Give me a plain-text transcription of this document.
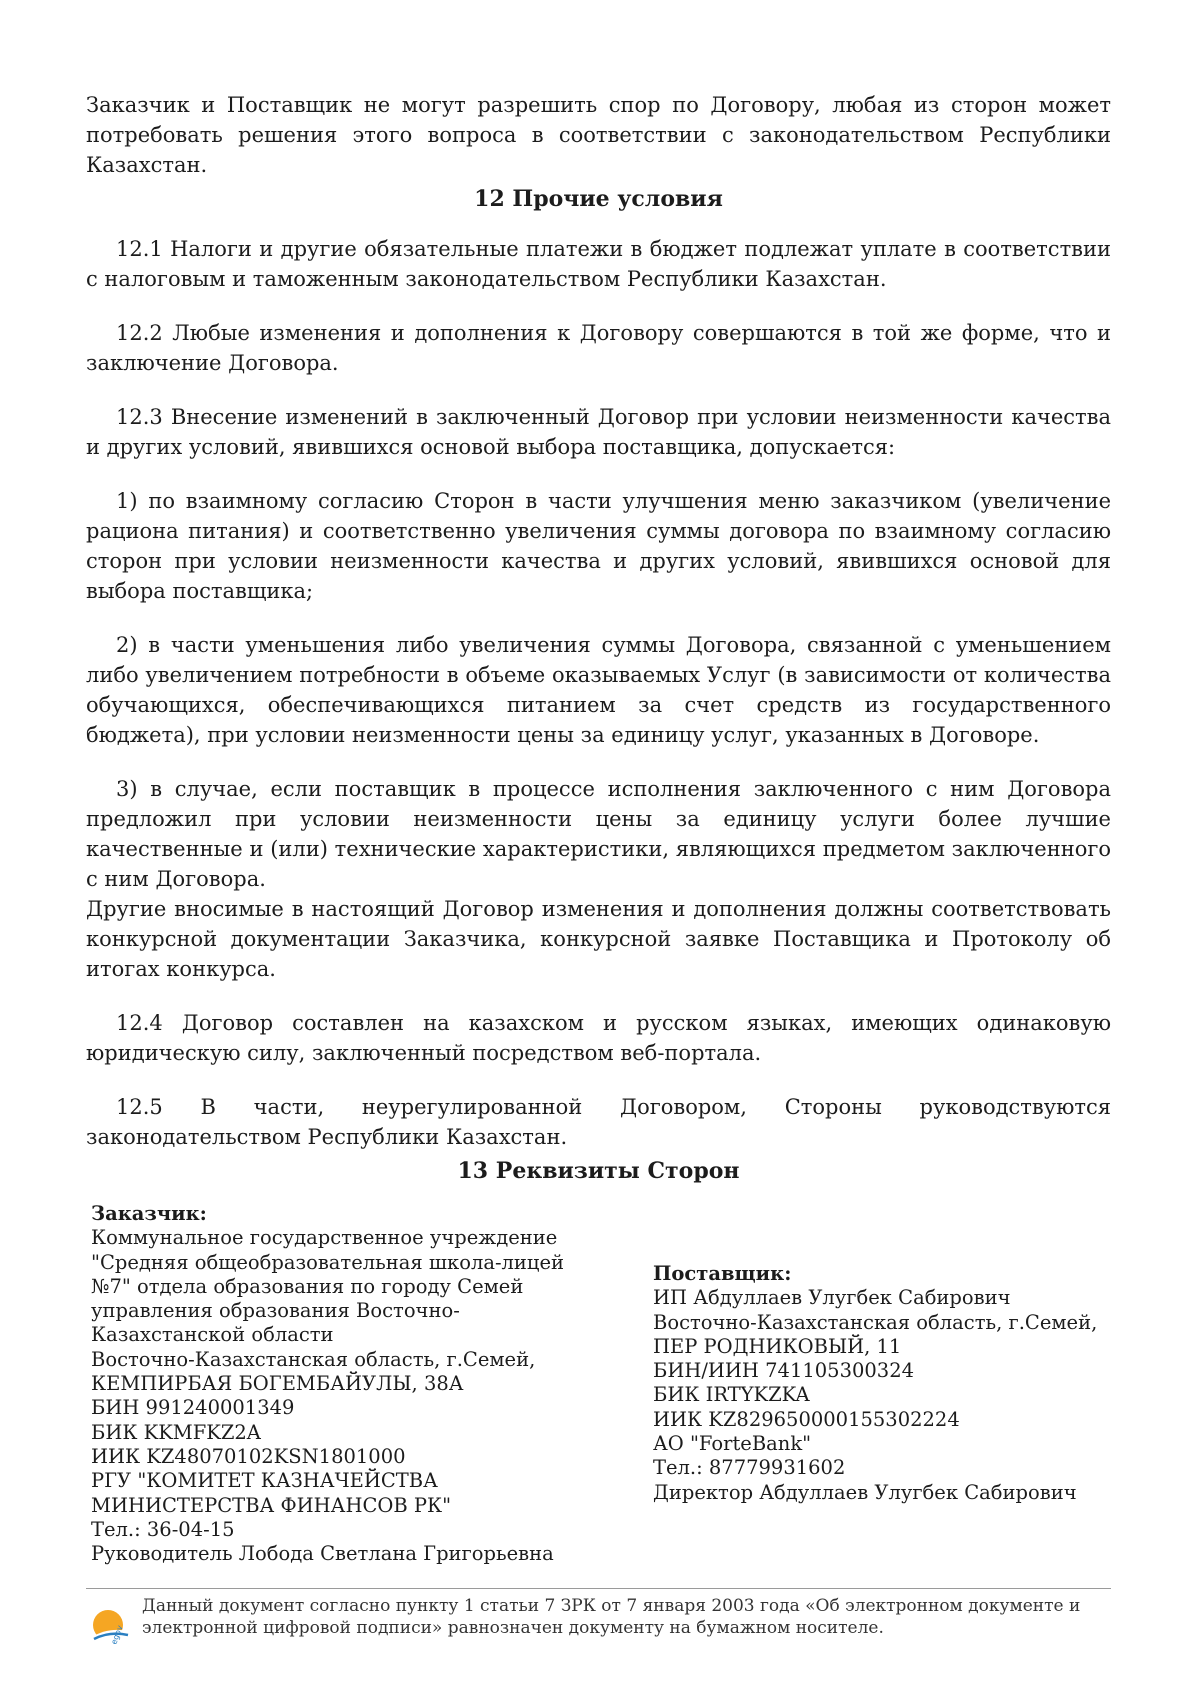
Заказчик и Поставщик не могут разрешить спор по Договору, любая из сторон может потребовать решения этого вопроса в соответствии с законодательством Республики Казахстан.

12 Прочие условия

12.1 Налоги и другие обязательные платежи в бюджет подлежат уплате в соответствии с налоговым и таможенным законодательством Республики Казахстан.

12.2 Любые изменения и дополнения к Договору совершаются в той же форме, что и заключение Договора.

12.3 Внесение изменений в заключенный Договор при условии неизменности качества и других условий, явившихся основой выбора поставщика, допускается:

1) по взаимному согласию Сторон в части улучшения меню заказчиком (увеличение рациона питания) и соответственно увеличения суммы договора по взаимному согласию сторон при условии неизменности качества и других условий, явившихся основой для выбора поставщика;

2) в части уменьшения либо увеличения суммы Договора, связанной с уменьшением либо увеличением потребности в объеме оказываемых Услуг (в зависимости от количества обучающихся, обеспечивающихся питанием за счет средств из государственного бюджета), при условии неизменности цены за единицу услуг, указанных в Договоре.

3) в случае, если поставщик в процессе исполнения заключенного с ним Договора предложил при условии неизменности цены за единицу услуги более лучшие качественные и (или) технические характеристики, являющихся предметом заключенного с ним Договора.

Другие вносимые в настоящий Договор изменения и дополнения должны соответствовать конкурсной документации Заказчика, конкурсной заявке Поставщика и Протоколу об итогах конкурса.

12.4 Договор составлен на казахском и русском языках, имеющих одинаковую юридическую силу, заключенный посредством веб-портала.

12.5 В части, неурегулированной Договором, Стороны руководствуются законодательством Республики Казахстан.

13 Реквизиты Сторон
Заказчик:
Коммунальное государственное учреждение
"Средняя общеобразовательная школа-лицей
№7" отдела образования по городу Семей
управления образования Восточно-
Казахстанской области
Восточно-Казахстанская область, г.Семей,
КЕМПИРБАЯ БОГЕМБАЙУЛЫ, 38А
БИН 991240001349
БИК KKMFKZ2A
ИИК KZ48070102KSN1801000
РГУ "КОМИТЕТ КАЗНАЧЕЙСТВА
МИНИСТЕРСТВА ФИНАНСОВ РК"
Тел.: 36-04-15
Руководитель Лобода Светлана Григорьевна
Поставщик:
ИП Абдуллаев Улугбек Сабирович
Восточно-Казахстанская область, г.Семей,
ПЕР РОДНИКОВЫЙ, 11
БИН/ИИН 741105300324
БИК IRTYKZKA
ИИК KZ829650000155302224
АО "ForteBank"
Тел.: 87779931602
Директор Абдуллаев Улугбек Сабирович
egov
Данный документ согласно пункту 1 статьи 7 ЗРК от 7 января 2003 года «Об электронном документе и
электронной цифровой подписи» равнозначен документу на бумажном носителе.
